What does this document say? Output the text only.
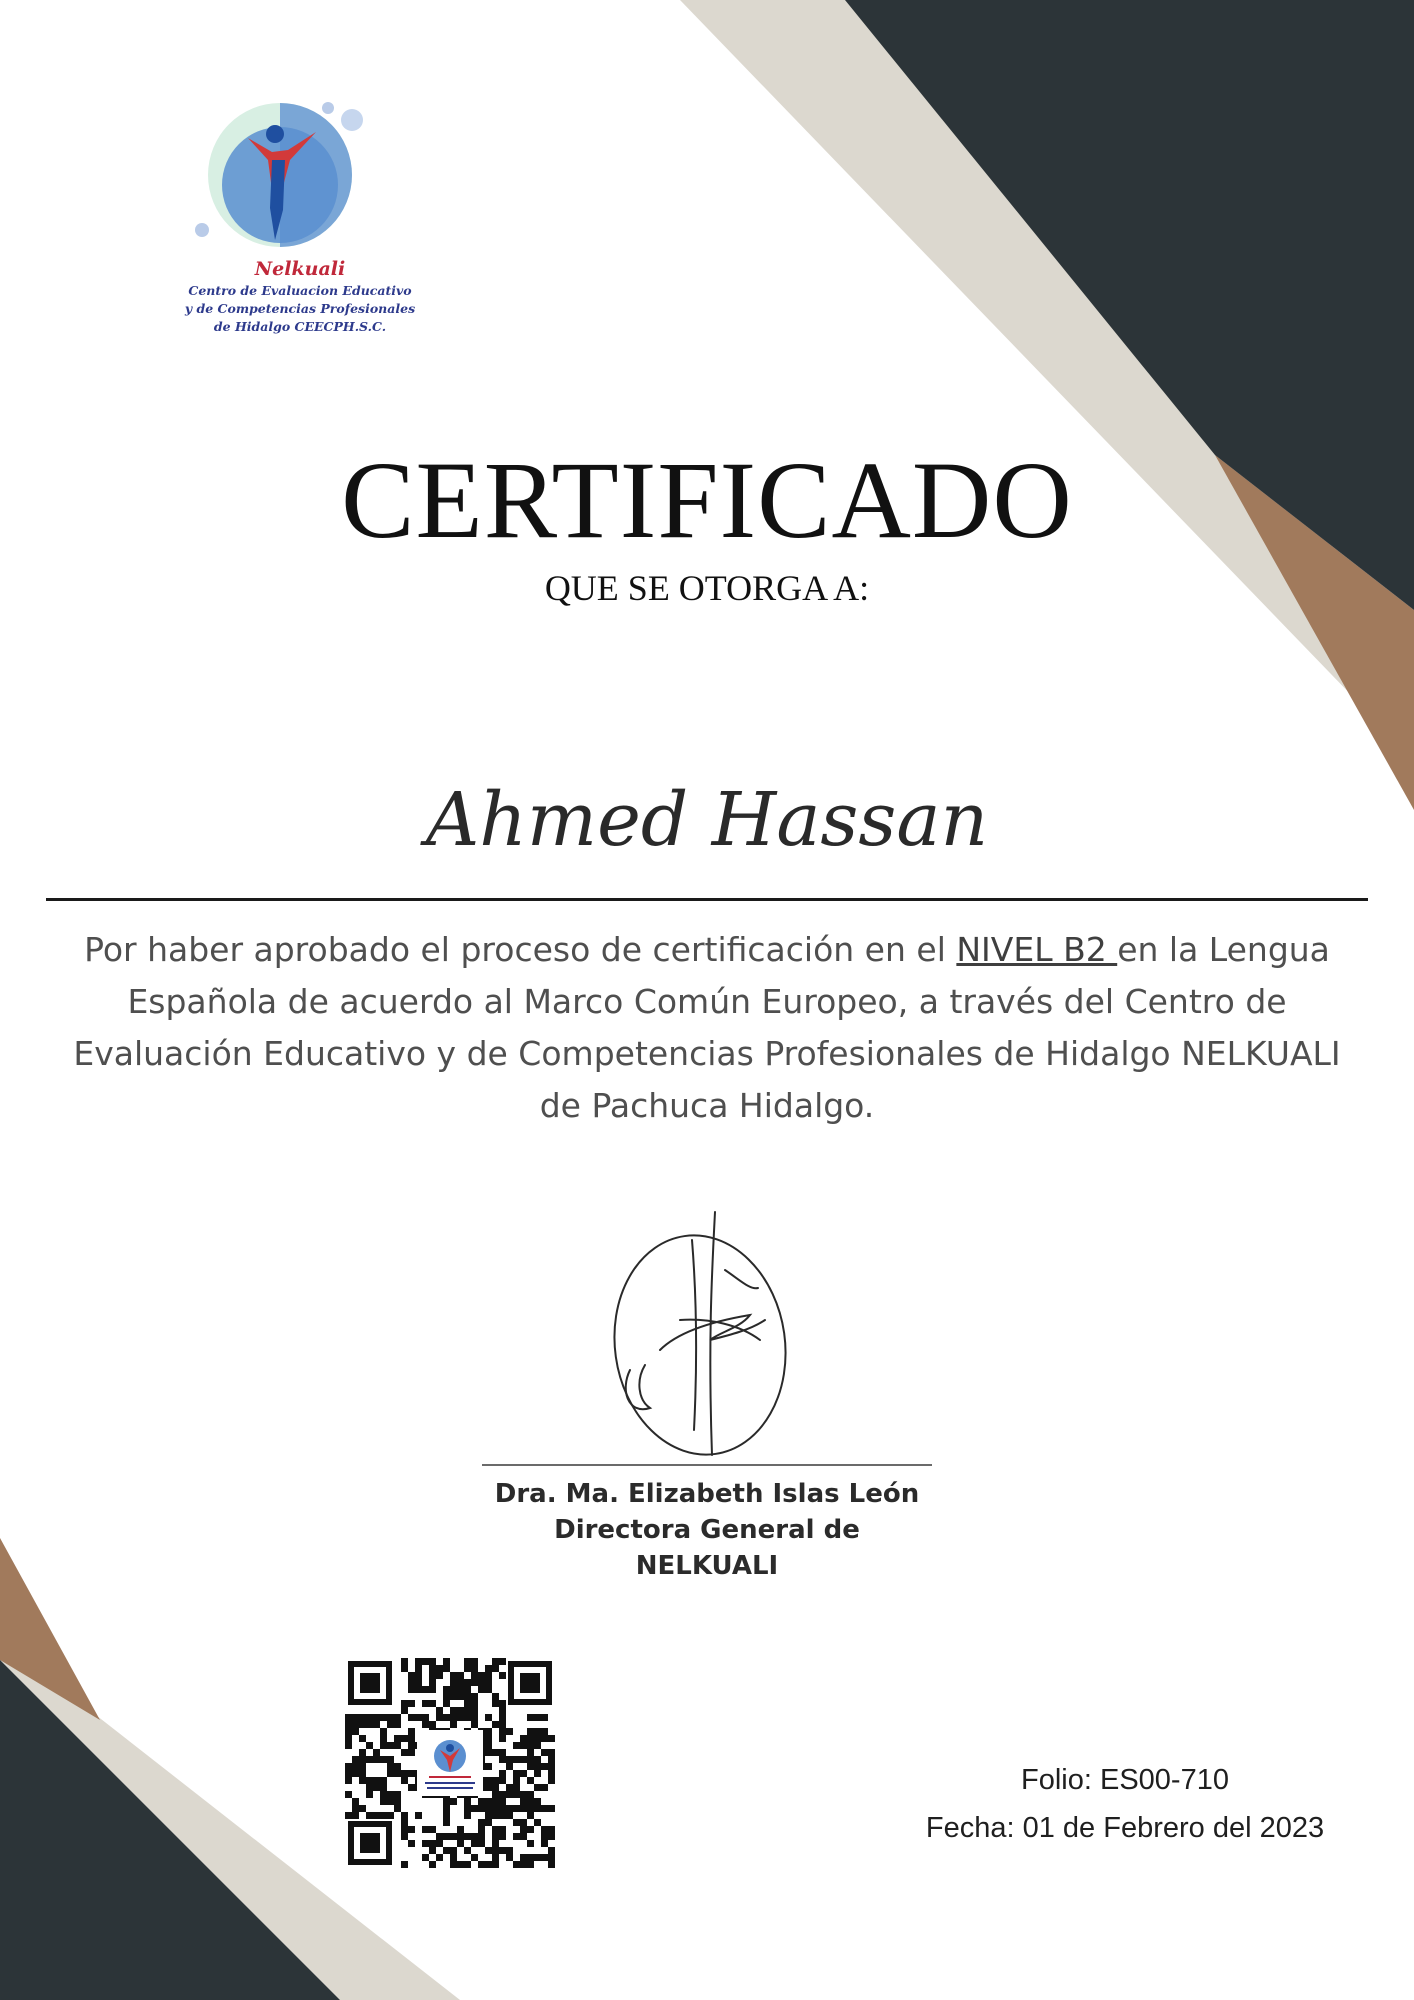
Nelkuali
Centro de Evaluacion Educativo
y de Competencias Profesionales
de Hidalgo CEECPH.S.C.
CERTIFICADO
QUE SE OTORGA A:
Ahmed Hassan
Por haber aprobado el proceso de certificación en el NIVEL B2 en la Lengua Española de acuerdo al Marco Común Europeo, a través del Centro de Evaluación Educativo y de Competencias Profesionales de Hidalgo NELKUALI de Pachuca Hidalgo.
Dra. Ma. Elizabeth Islas León
Directora General de
NELKUALI
Folio: ES00-710
Fecha: 01 de Febrero del 2023
